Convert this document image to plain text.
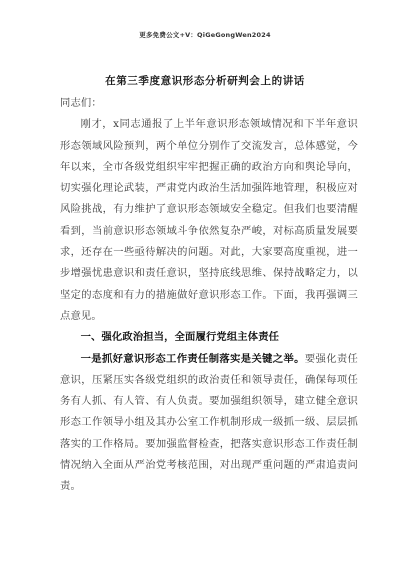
更多免费公文+V：QiGeGongWen2024
在第三季度意识形态分析研判会上的讲话

同志们：

刚才，x同志通报了上半年意识形态领域情况和下半年意识形态领域风险预判，两个单位分别作了交流发言，总体感觉，今年以来，全市各级党组织牢牢把握正确的政治方向和舆论导向，切实强化理论武装，严肃党内政治生活加强阵地管理，积极应对风险挑战，有力维护了意识形态领域安全稳定。但我们也要清醒看到，当前意识形态领域斗争依然复杂严峻，对标高质量发展要求，还存在一些亟待解决的问题。对此，大家要高度重视，进一步增强忧患意识和责任意识，坚持底线思维、保持战略定力，以坚定的态度和有力的措施做好意识形态工作。下面，我再强调三点意见。

一、强化政治担当，全面履行党组主体责任

一是抓好意识形态工作责任制落实是关键之举。要强化责任意识，压紧压实各级党组织的政治责任和领导责任，确保每项任务有人抓、有人管、有人负责。要加强组织领导，建立健全意识形态工作领导小组及其办公室工作机制形成一级抓一级、层层抓落实的工作格局。要加强监督检查，把落实意识形态工作责任制情况纳入全面从严治党考核范围，对出现严重问题的严肃追责问责。
